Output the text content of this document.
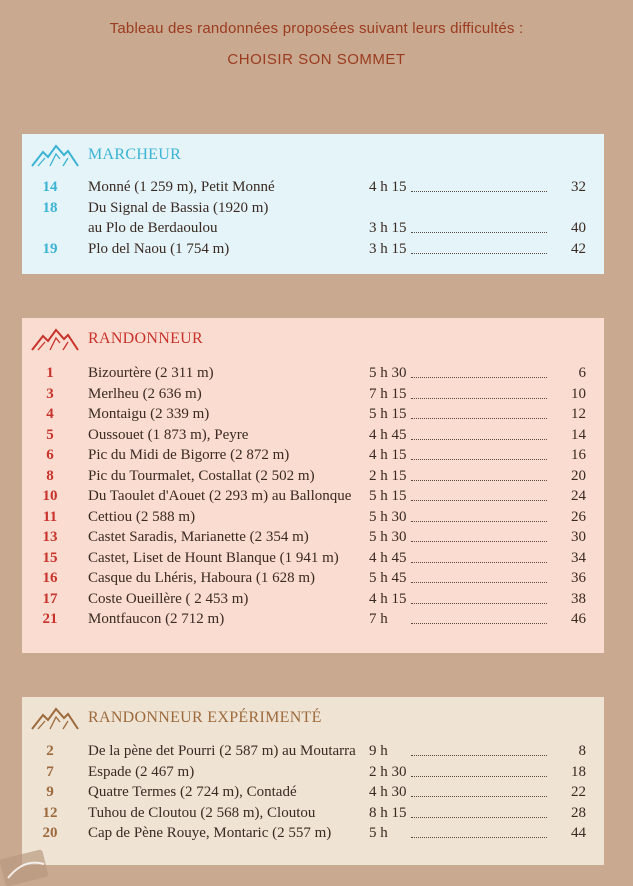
Tableau des randonnées proposées suivant leurs difficultés :
CHOISIR SON SOMMET
MARCHEUR
14	Monné (1 259 m), Petit Monné	4 h 15	32
18	Du Signal de Bassia (1920 m)
au Plo de Berdaoulou	3 h 15	40
19	Plo del Naou (1 754 m)	3 h 15	42
RANDONNEUR
1	Bizourtère (2 311 m)	5 h 30	6
3	Merlheu (2 636 m)	7 h 15	10
4	Montaigu (2 339 m)	5 h 15	12
5	Oussouet (1 873 m), Peyre	4 h 45	14
6	Pic du Midi de Bigorre (2 872 m)	4 h 15	16
8	Pic du Tourmalet, Costallat (2 502 m)	2 h 15	20
10	Du Taoulet d'Aouet (2 293 m) au Ballonque 5 h 15	24
11	Cettiou (2 588 m)	5 h 30	26
13	Castet Saradis, Marianette (2 354 m)	5 h 30	30
15	Castet, Liset de Hount Blanque (1 941 m) 4 h 45	34
16	Casque du Lhéris, Haboura (1 628 m)	5 h 45	36
17	Coste Oueillère ( 2 453 m)	4 h 15	38
21	Montfaucon (2 712 m)	7 h	46
RANDONNEUR EXPÉRIMENTÉ
2	De la pène det Pourri (2 587 m) au Moutarra 9 h	8
7	Espade (2 467 m)	2 h 30	18
9	Quatre Termes (2 724 m), Contadé	4 h 30	22
12	Tuhou de Cloutou (2 568 m), Cloutou	8 h 15	28
20	Cap de Pène Rouye, Montaric (2 557 m)	5 h	44
